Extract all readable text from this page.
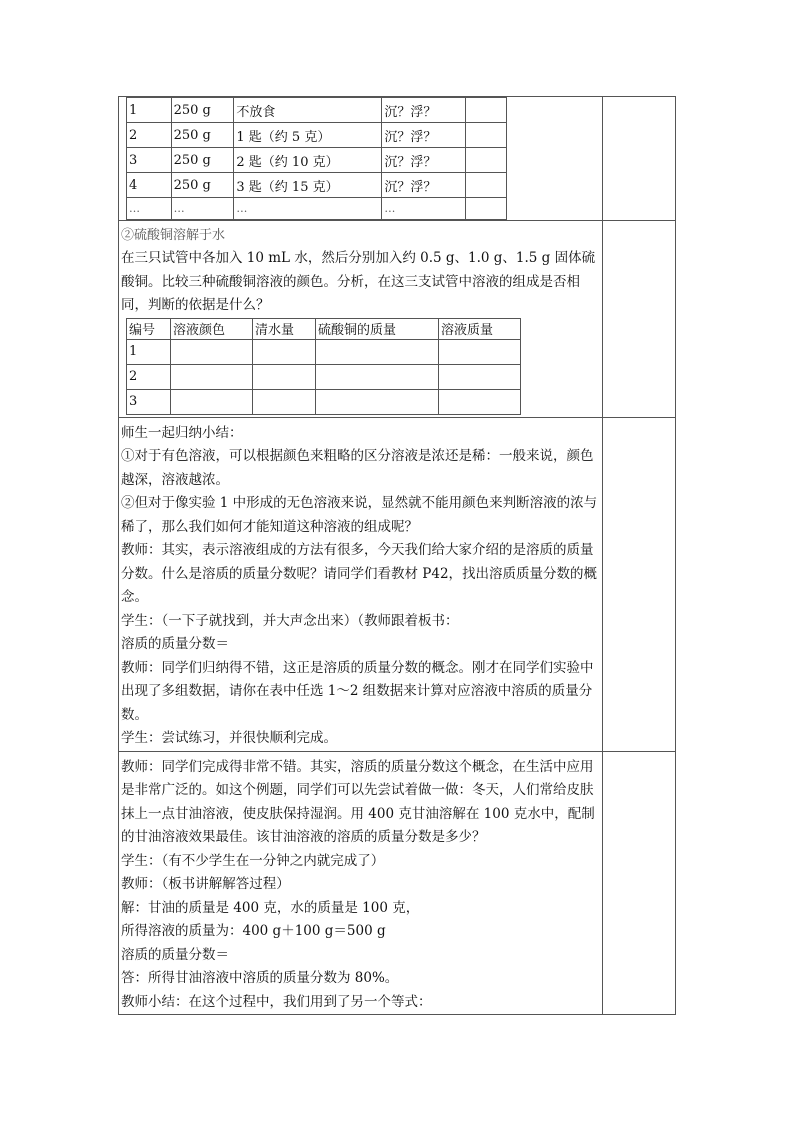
1	250 g	不放食	沉？浮？	
2	250 g	1 匙（约 5 克）	沉？浮？	
3	250 g	2 匙（约 10 克）	沉？浮？	
4	250 g	3 匙（约 15 克）	沉？浮？	
…	…	…	…	

②硫酸铜溶解于水
在三只试管中各加入 10 mL 水，然后分别加入约 0.5 g、1.0 g、1.5 g 固体硫酸铜。比较三种硫酸铜溶液的颜色。分析，在这三支试管中溶液的组成是否相同，判断的依据是什么？
编号	溶液颜色	清水量	硫酸铜的质量	溶液质量
1				
2				
3				

师生一起归纳小结：
①对于有色溶液，可以根据颜色来粗略的区分溶液是浓还是稀：一般来说，颜色越深，溶液越浓。
②但对于像实验 1 中形成的无色溶液来说，显然就不能用颜色来判断溶液的浓与稀了，那么我们如何才能知道这种溶液的组成呢？
教师：其实，表示溶液组成的方法有很多，今天我们给大家介绍的是溶质的质量分数。什么是溶质的质量分数呢？请同学们看教材 P42，找出溶质质量分数的概念。
学生：（一下子就找到，并大声念出来）（教师跟着板书：
溶质的质量分数＝
教师：同学们归纳得不错，这正是溶质的质量分数的概念。刚才在同学们实验中出现了多组数据，请你在表中任选 1～2 组数据来计算对应溶液中溶质的质量分数。
学生：尝试练习，并很快顺利完成。

教师：同学们完成得非常不错。其实，溶质的质量分数这个概念，在生活中应用是非常广泛的。如这个例题，同学们可以先尝试着做一做：冬天，人们常给皮肤抹上一点甘油溶液，使皮肤保持湿润。用 400 克甘油溶解在 100 克水中，配制的甘油溶液效果最佳。该甘油溶液的溶质的质量分数是多少？
学生：（有不少学生在一分钟之内就完成了）
教师：（板书讲解解答过程）
解：甘油的质量是 400 克，水的质量是 100 克，
所得溶液的质量为：400 g＋100 g＝500 g
溶质的质量分数＝
答：所得甘油溶液中溶质的质量分数为 80%。
教师小结：在这个过程中，我们用到了另一个等式：
